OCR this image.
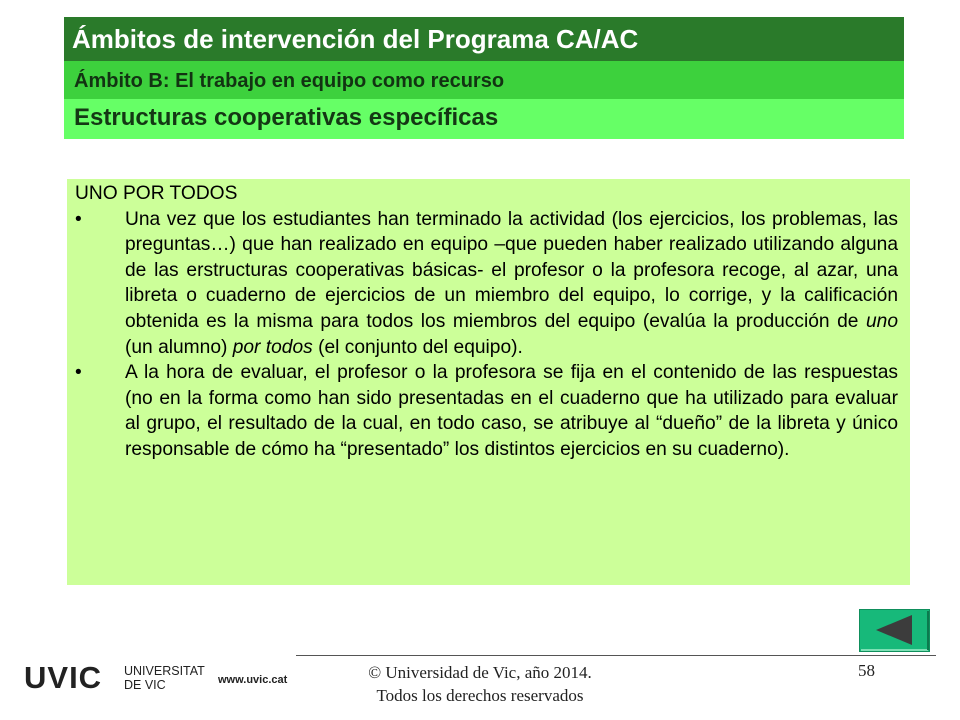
Ámbitos de intervención del Programa CA/AC
Ámbito B: El trabajo en equipo como recurso
Estructuras cooperativas específicas
UNO POR TODOS
•	Una vez que los estudiantes han terminado la actividad (los ejercicios, los problemas, las preguntas…) que han realizado en equipo –que pueden haber realizado utilizando alguna de las erstructuras cooperativas básicas- el profesor o la profesora recoge, al azar, una libreta o cuaderno de ejercicios de un miembro del equipo, lo corrige, y la calificación obtenida es la misma para todos los miembros del equipo (evalúa la producción de uno (un alumno) por todos (el conjunto del equipo).
•	A la hora de evaluar, el profesor o la profesora se fija en el contenido de las respuestas (no en la forma como han sido presentadas en el cuaderno que ha utilizado para evaluar al grupo, el resultado de la cual, en todo caso, se atribuye al “dueño” de la libreta y único responsable de cómo ha “presentado” los distintos ejercicios en su cuaderno).
UVIC UNIVERSITAT
DE VIC	www.uvic.cat	© Universidad de Vic, año 2014.
Todos los derechos reservados
58
